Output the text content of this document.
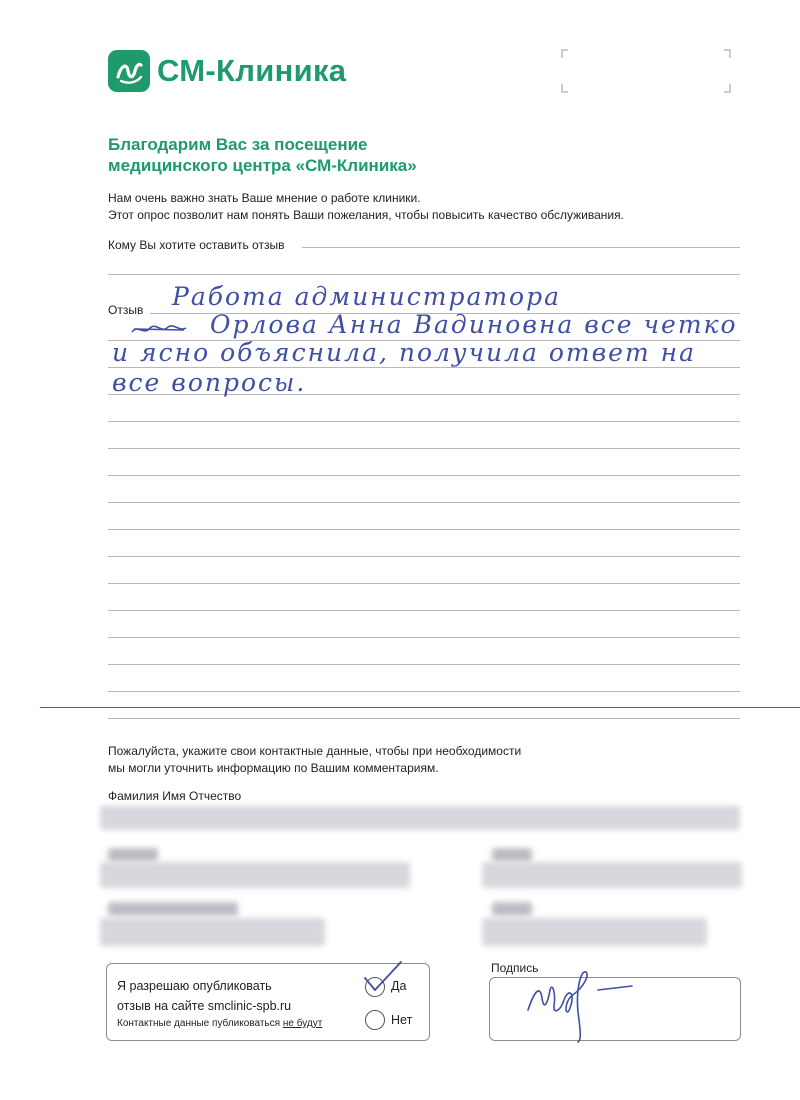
СМ-Клиника
Благодарим Вас за посещение
медицинского центра «СМ-Клиника»
Нам очень важно знать Ваше мнение о работе клиники.
Этот опрос позволит нам понять Ваши пожелания, чтобы повысить качество обслуживания.
Кому Вы хотите оставить отзыв
Отзыв Работа администратора
Орлова Анна Вадиновна все четко
и ясно объяснила, получила ответ на
все вопросы.
Пожалуйста, укажите свои контактные данные, чтобы при необходимости
мы могли уточнить информацию по Вашим комментариям.
Фамилия Имя Отчество
Я разрешаю опубликовать
отзыв на сайте smclinic-spb.ru
Контактные данные публиковаться не будут
Да
Нет
Подпись
